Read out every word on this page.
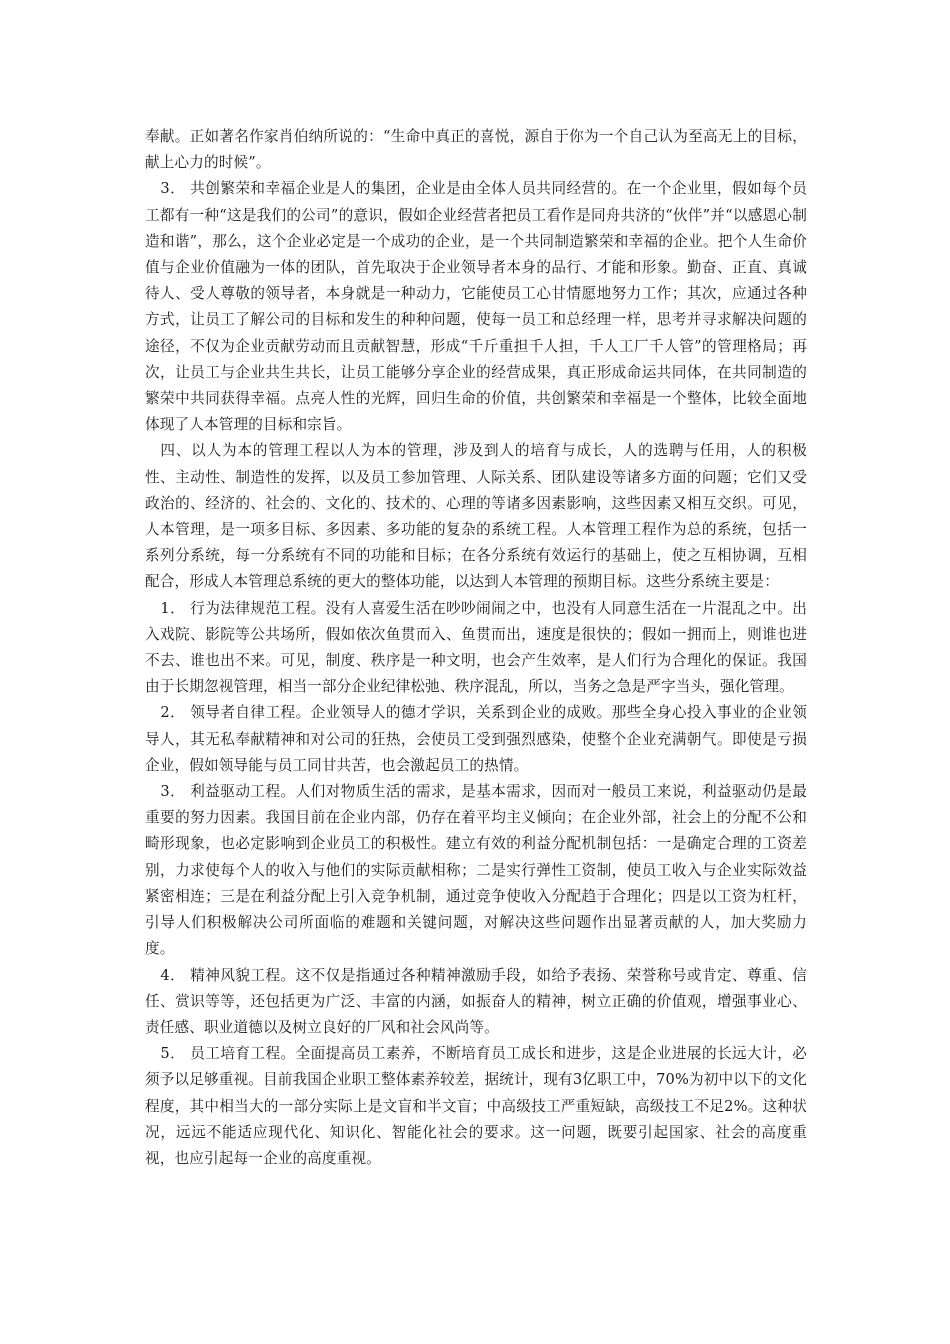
奉献。正如著名作家肖伯纳所说的：“生命中真正的喜悦，源自于你为一个自己认为至高无上的目标，献上心力的时候”。

3． 共创繁荣和幸福企业是人的集团，企业是由全体人员共同经营的。在一个企业里，假如每个员工都有一种“这是我们的公司”的意识，假如企业经营者把员工看作是同舟共济的“伙伴”并“以感恩心制造和谐”，那么，这个企业必定是一个成功的企业，是一个共同制造繁荣和幸福的企业。把个人生命价值与企业价值融为一体的团队，首先取决于企业领导者本身的品行、才能和形象。勤奋、正直、真诚待人、受人尊敬的领导者，本身就是一种动力，它能使员工心甘情愿地努力工作；其次，应通过各种方式，让员工了解公司的目标和发生的种种问题，使每一员工和总经理一样，思考并寻求解决问题的途径，不仅为企业贡献劳动而且贡献智慧，形成“千斤重担千人担，千人工厂千人管”的管理格局；再次，让员工与企业共生共长，让员工能够分享企业的经营成果，真正形成命运共同体，在共同制造的繁荣中共同获得幸福。点亮人性的光辉，回归生命的价值，共创繁荣和幸福是一个整体，比较全面地体现了人本管理的目标和宗旨。

四、以人为本的管理工程以人为本的管理，涉及到人的培育与成长，人的选聘与任用，人的积极性、主动性、制造性的发挥，以及员工参加管理、人际关系、团队建设等诸多方面的问题；它们又受政治的、经济的、社会的、文化的、技术的、心理的等诸多因素影响，这些因素又相互交织。可见，人本管理，是一项多目标、多因素、多功能的复杂的系统工程。人本管理工程作为总的系统，包括一系列分系统，每一分系统有不同的功能和目标；在各分系统有效运行的基础上，使之互相协调，互相配合，形成人本管理总系统的更大的整体功能，以达到人本管理的预期目标。这些分系统主要是：

1． 行为法律规范工程。没有人喜爱生活在吵吵闹闹之中，也没有人同意生活在一片混乱之中。出入戏院、影院等公共场所，假如依次鱼贯而入、鱼贯而出，速度是很快的；假如一拥而上，则谁也进不去、谁也出不来。可见，制度、秩序是一种文明，也会产生效率，是人们行为合理化的保证。我国由于长期忽视管理，相当一部分企业纪律松弛、秩序混乱，所以，当务之急是严字当头，强化管理。

2． 领导者自律工程。企业领导人的德才学识，关系到企业的成败。那些全身心投入事业的企业领导人，其无私奉献精神和对公司的狂热，会使员工受到强烈感染，使整个企业充满朝气。即使是亏损企业，假如领导能与员工同甘共苦，也会激起员工的热情。

3． 利益驱动工程。人们对物质生活的需求，是基本需求，因而对一般员工来说，利益驱动仍是最重要的努力因素。我国目前在企业内部，仍存在着平均主义倾向；在企业外部，社会上的分配不公和畸形现象，也必定影响到企业员工的积极性。建立有效的利益分配机制包括：一是确定合理的工资差别，力求使每个人的收入与他们的实际贡献相称；二是实行弹性工资制，使员工收入与企业实际效益紧密相连；三是在利益分配上引入竞争机制，通过竞争使收入分配趋于合理化；四是以工资为杠杆，引导人们积极解决公司所面临的难题和关键问题，对解决这些问题作出显著贡献的人，加大奖励力度。

4． 精神风貌工程。这不仅是指通过各种精神激励手段，如给予表扬、荣誉称号或肯定、尊重、信任、赏识等等，还包括更为广泛、丰富的内涵，如振奋人的精神，树立正确的价值观，增强事业心、责任感、职业道德以及树立良好的厂风和社会风尚等。

5． 员工培育工程。全面提高员工素养，不断培育员工成长和进步，这是企业进展的长远大计，必须予以足够重视。目前我国企业职工整体素养较差，据统计，现有3亿职工中，70%为初中以下的文化程度，其中相当大的一部分实际上是文盲和半文盲；中高级技工严重短缺，高级技工不足2%。这种状况，远远不能适应现代化、知识化、智能化社会的要求。这一问题，既要引起国家、社会的高度重视，也应引起每一企业的高度重视。
